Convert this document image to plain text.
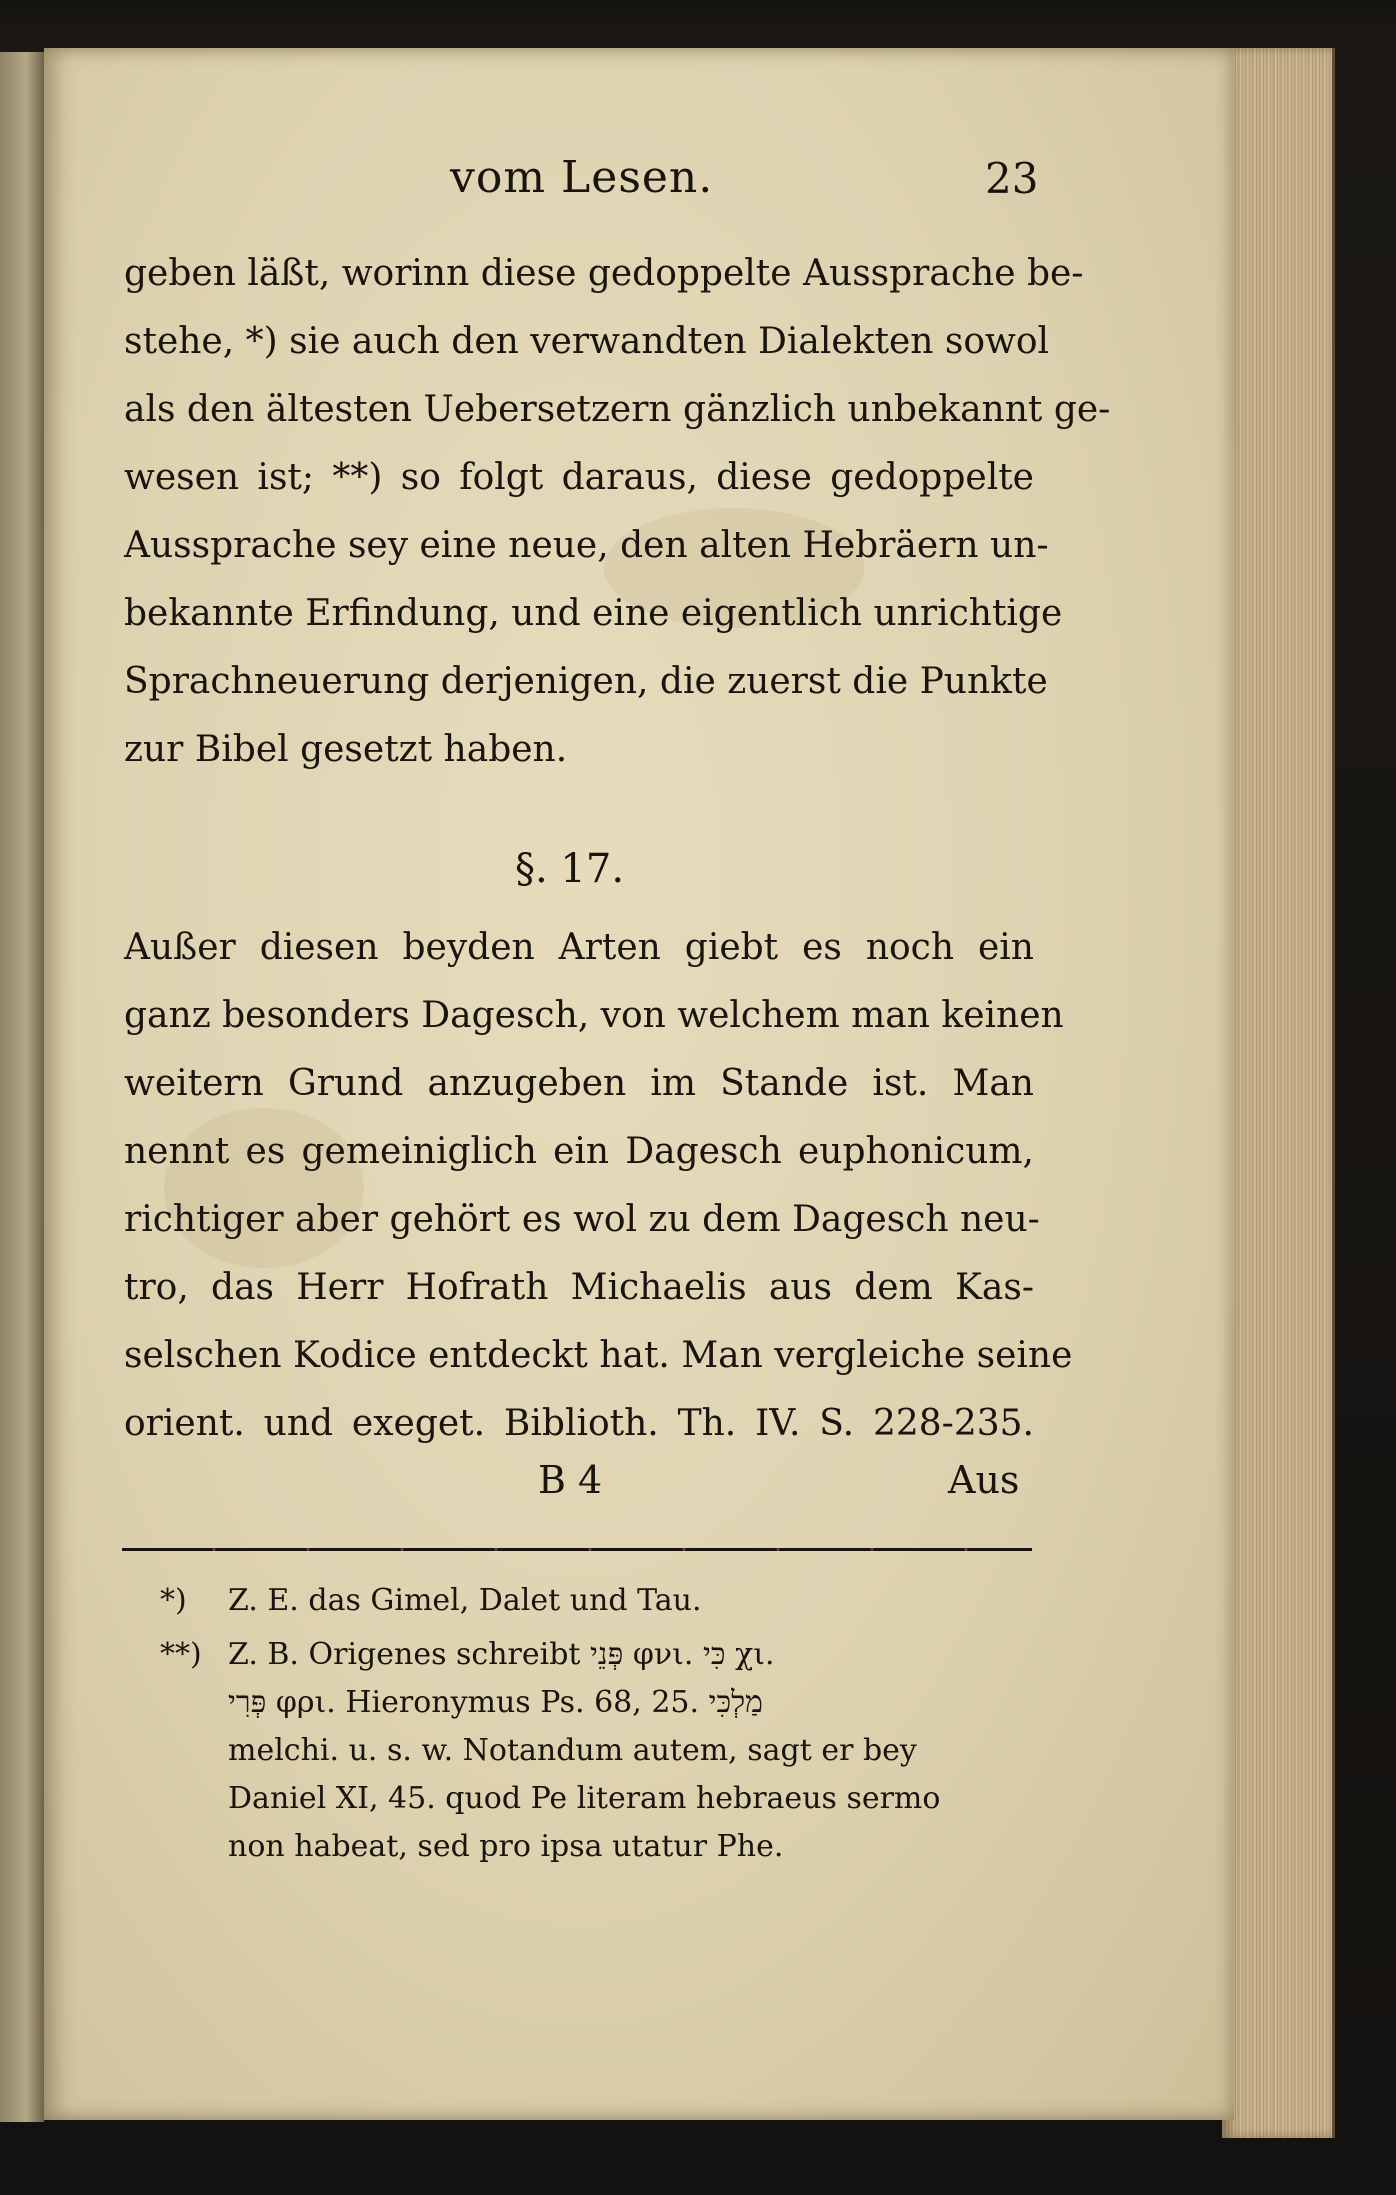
vom Lesen.	23
geben läßt, worinn diese gedoppelte Aussprache be-
stehe, *) sie auch den verwandten Dialekten sowol
als den ältesten Uebersetzern gänzlich unbekannt ge-
wesen ist; **) so folgt daraus, diese gedoppelte
Aussprache sey eine neue, den alten Hebräern un-
bekannte Erfindung, und eine eigentlich unrichtige
Sprachneuerung derjenigen, die zuerst die Punkte
zur Bibel gesetzt haben.
§. 17.
Außer diesen beyden Arten giebt es noch ein
ganz besonders Dagesch, von welchem man keinen
weitern Grund anzugeben im Stande ist. Man
nennt es gemeiniglich ein Dagesch euphonicum,
richtiger aber gehört es wol zu dem Dagesch neu-
tro, das Herr Hofrath Michaelis aus dem Kas-
selschen Kodice entdeckt hat. Man vergleiche seine
orient. und exeget. Biblioth. Th. IV. S. 228-235.
B 4	Aus
*) Z. E. das Gimel, Dalet und Tau.
**) Z. B. Origenes schreibt פְּנֵי φνι. כִּי χι.
פְּרִי φρι. Hieronymus Ps. 68, 25. מַלְכִּי
melchi. u. s. w. Notandum autem, sagt er bey
Daniel XI, 45. quod Pe literam hebraeus sermo
non habeat, sed pro ipsa utatur Phe.
